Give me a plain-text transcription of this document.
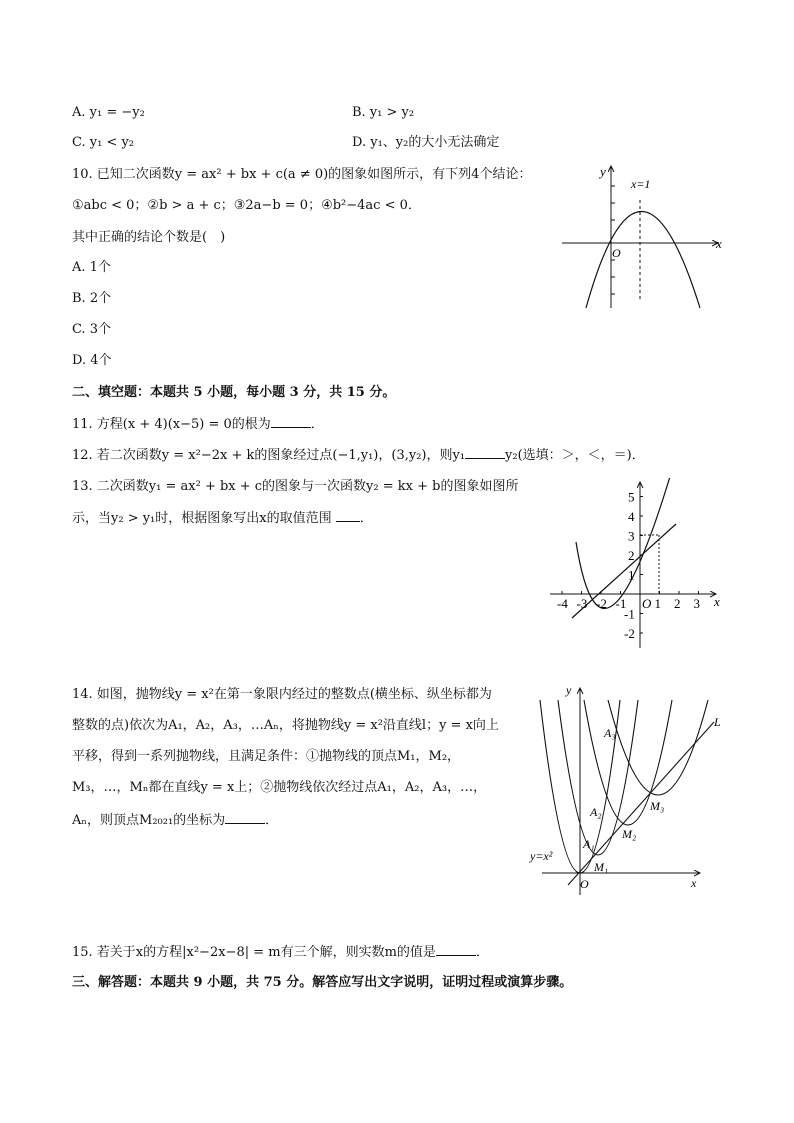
A. y₁ = −y₂	B. y₁ > y₂
C. y₁ < y₂	D. y₁、y₂的大小无法确定
10. 已知二次函数y = ax² + bx + c(a ≠ 0)的图象如图所示，有下列4个结论：
①abc < 0；②b > a + c；③2a−b = 0；④b²−4ac < 0．
其中正确的结论个数是(　)
A. 1个
B. 2个
C. 3个
D. 4个
y
x
O
x=1
二、填空题：本题共 5 小题，每小题 3 分，共 15 分。
11. 方程(x + 4)(x−5) = 0的根为	．
12. 若二次函数y = x²−2x + k的图象经过点(−1,y₁)，(3,y₂)，则y₁	y₂(选填：＞，＜，＝)．
13. 二次函数y₁ = ax² + bx + c的图象与一次函数y₂ = kx + b的图象如图所
示，当y₂ > y₁时，根据图象写出x的取值范围 ．
-4 -3 -2 -1 O 1 2 3
5
4
3
2
1
-1
-2
x
14. 如图，抛物线y = x²在第一象限内经过的整数点(横坐标、纵坐标都为
整数的点)依次为A₁，A₂，A₃，…Aₙ，将抛物线y = x²沿直线l；y = x向上
平移，得到一系列抛物线，且满足条件：①抛物线的顶点M₁，M₂，
M₃，…，Mₙ都在直线y = x上；②抛物线依次经过点A₁，A₂，A₃，…，
Aₙ，则顶点M₂₀₂₁的坐标为	．
y
x
O
L
y=x²
A₁
A₂
A₃
M₁
M₂
M₃
15. 若关于x的方程|x²−2x−8| = m有三个解，则实数m的值是	．
三、解答题：本题共 9 小题，共 75 分。解答应写出文字说明，证明过程或演算步骤。
